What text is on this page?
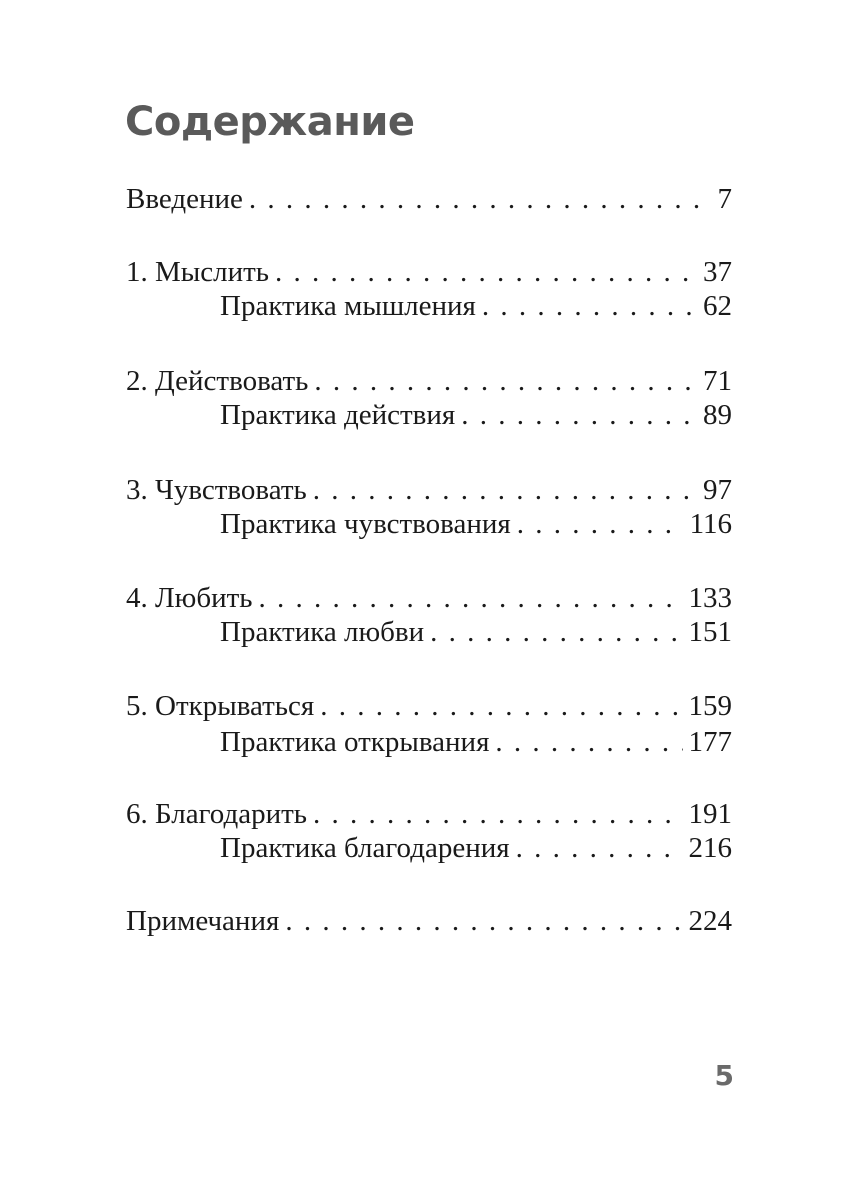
Содержание
Введение . . .	7
1. Мыслить . . .	37
Практика мышления . . .	62
2. Действовать . . .	71
Практика действия . . .	89
3. Чувствовать . . .	97
Практика чувствования . . .	116
4. Любить . . .	133
Практика любви . . .	151
5. Открываться . . .	159
Практика открывания . . .	177
6. Благодарить . . .	191
Практика благодарения . . .	216
Примечания . . .	224
5
